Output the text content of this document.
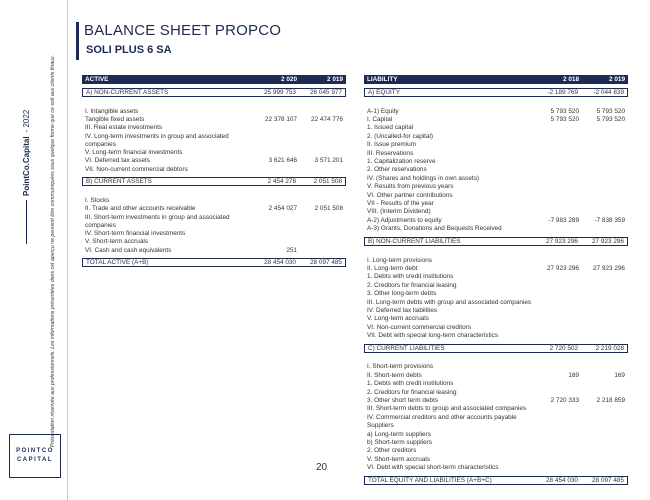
Présentation réservée aux professionnels. Les informations présentées dans cet aperçu ne peuvent être communiquées sous quelque forme que ce soit aux clients finaux.
PointCo.Capital
- 2022
POINTCO
CAPITAL
BALANCE SHEET PROPCO
SOLI PLUS 6 SA
ACTIVE	2 020	2 019
A) NON-CURRENT ASSETS	25 999 753	26 045 977
I. Intangible assets
Tangible fixed assets	22 378 107	22 474 776
III. Real estate investments
IV. Long-term investments in group and associated companies
V. Long-term financial investments
VI. Deferred tax assets	3 621 646	3 571 201
VII. Non-current commercial debtors
B) CURRENT ASSETS	2 454 278	2 051 508
I. Stocks
II. Trade and other accounts receivable	2 454 027	2 051 508
III. Short-term investments in group and associated companies
IV. Short-term financial investments
V. Short-term accruals
VI. Cash and cash equivalents	251
TOTAL ACTIVE (A+B)	28 454 030	28 097 485
LIABILITY	2 018	2 019
A) EQUITY	-2 189 769	-2 044 839
A-1) Equity	5 793 520	5 793 520
I. Capital	5 793 520	5 793 520
1. Issued capital
2. (Uncalled-for capital)
II. Issue premium
III. Reservations
1. Capitalization reserve
2. Other reservations
IV. (Shares and holdings in own assets)
V. Results from previous years
VI. Other partner contributions
VII - Results of the year
VIII. (Interim Dividend)
A-2) Adjustments to equity	-7 983 289	-7 838 359
A-3) Grants, Donations and Bequests Received
B) NON-CURRENT LIABILITIES	27 923 296	27 923 296
I. Long-term provisions
II. Long-term debt	27 923 296	27 923 296
1. Debts with credit institutions
2. Creditors for financial leasing
3. Other long-term debts
III. Long-term debts with group and associated companies
IV. Deferred tax liabilities
V. Long-term accruals
VI. Non-current commercial creditors
VII. Debt with special long-term characteristics
C) CURRENT LIABILITIES	2 720 502	2 219 028
I. Short-term provisions
II. Short-term debts	169	169
1. Debts with credit institutions
2. Creditors for financial leasing
3. Other short term debts	2 720 333	2 218 859
III. Short-term debts to group and associated companies
IV. Commercial creditors and other accounts payable
Suppliers
a) Long-term suppliers
b) Short-term suppliers
2. Other creditors
V. Short-term accruals
VI. Debt with special short-term characteristics
TOTAL EQUITY AND LIABILITIES (A+B+C)	28 454 030	28 097 485
20
